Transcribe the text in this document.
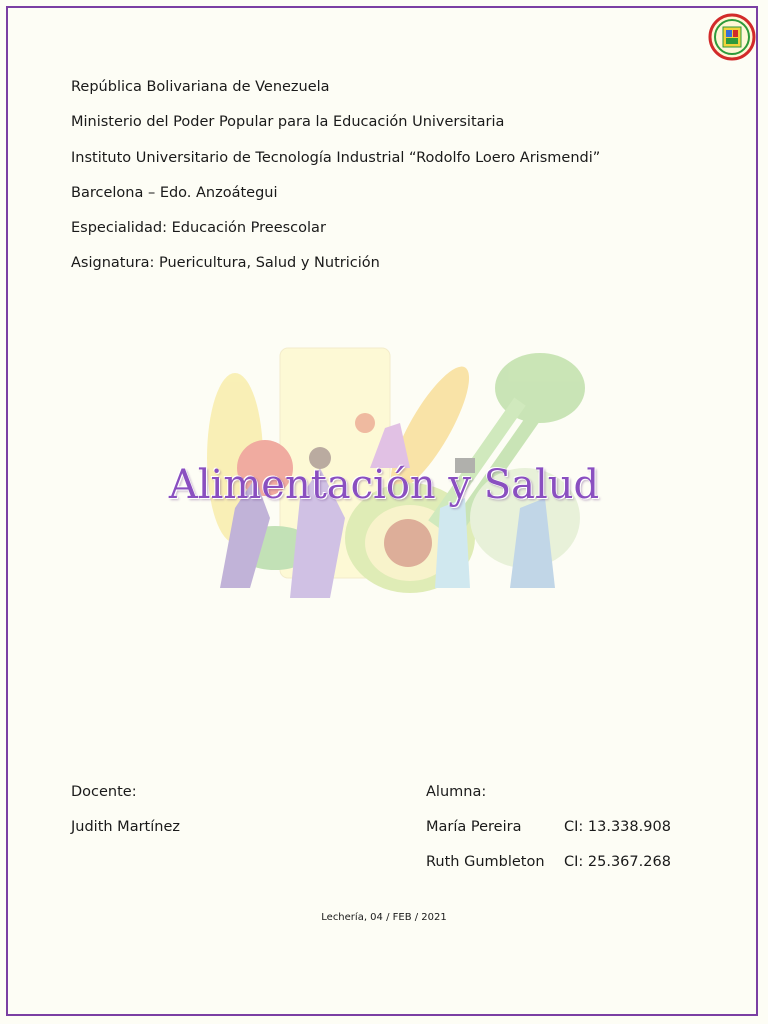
República Bolivariana de Venezuela
Ministerio del Poder Popular para la Educación Universitaria
Instituto Universitario de Tecnología Industrial “Rodolfo Loero Arismendi”
Barcelona – Edo. Anzoátegui
Especialidad: Educación Preescolar
Asignatura: Puericultura, Salud y Nutrición
Alimentación y Salud
Docente:
Judith Martínez
Alumna:
María Pereira	CI: 13.338.908
Ruth Gumbleton CI: 25.367.268
Lechería, 04 / FEB / 2021
